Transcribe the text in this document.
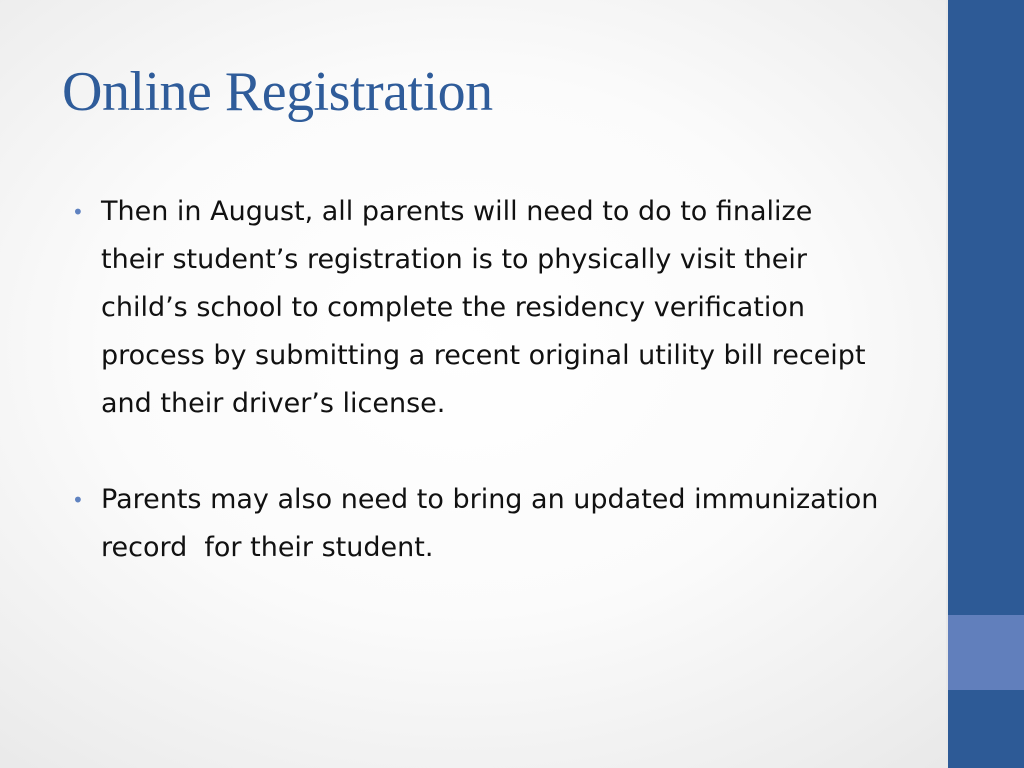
Online Registration
• Then in August, all parents will need to do to finalize  their student’s registration is to physically visit their child’s school to complete the residency verification process by submitting a recent original utility bill receipt and their driver’s license.
• Parents may also need to bring an updated immunization record  for their student.
